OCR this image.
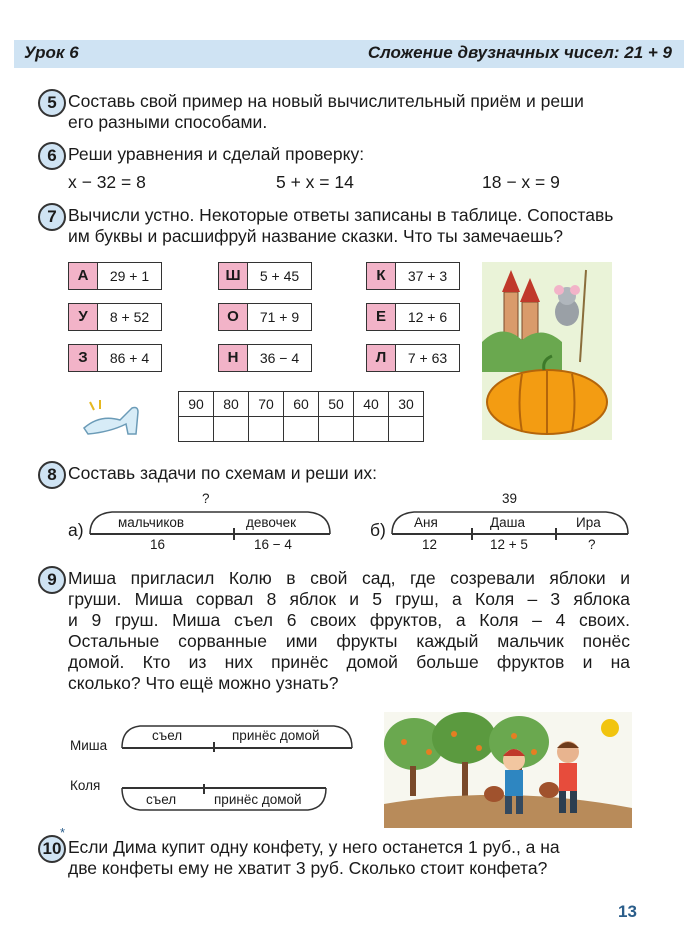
Урок 6	Сложение двузначных чисел: 21 + 9
5 Составь свой пример на новый вычислительный приём и реши
его разными способами.
6 Реши уравнения и сделай проверку:
x − 32 = 8	5 + x = 14	18 − x = 9
7 Вычисли устно. Некоторые ответы записаны в таблице. Сопоставь
им буквы и расшифруй название сказки. Что ты замечаешь?
А	29 + 1	Ш	5 + 45	К	37 + 3
У	8 + 52	О	71 + 9	Е	12 + 6
З	86 + 4	Н	36 − 4	Л	7 + 63
90	80	70	60	50	40	30

8 Составь задачи по схемам и реши их:
а)
?
мальчиков	девочек
16	16 − 4
б)
39
Аня	Даша	Ира
12	12 + 5	?
9 Миша пригласил Колю в свой сад, где созревали яблоки и
груши. Миша сорвал 8 яблок и 5 груш, а Коля – 3 яблока
и 9 груш. Миша съел 6 своих фруктов, а Коля – 4 своих.
Остальные сорванные ими фрукты каждый мальчик понёс
домой. Кто из них принёс домой больше фруктов и на
сколько? Что ещё можно узнать?
Миша
съел	принёс домой
Коля
съел	принёс домой
10
*
Если Дима купит одну конфету, у него останется 1 руб., а на
две конфеты ему не хватит 3 руб. Сколько стоит конфета?
13
